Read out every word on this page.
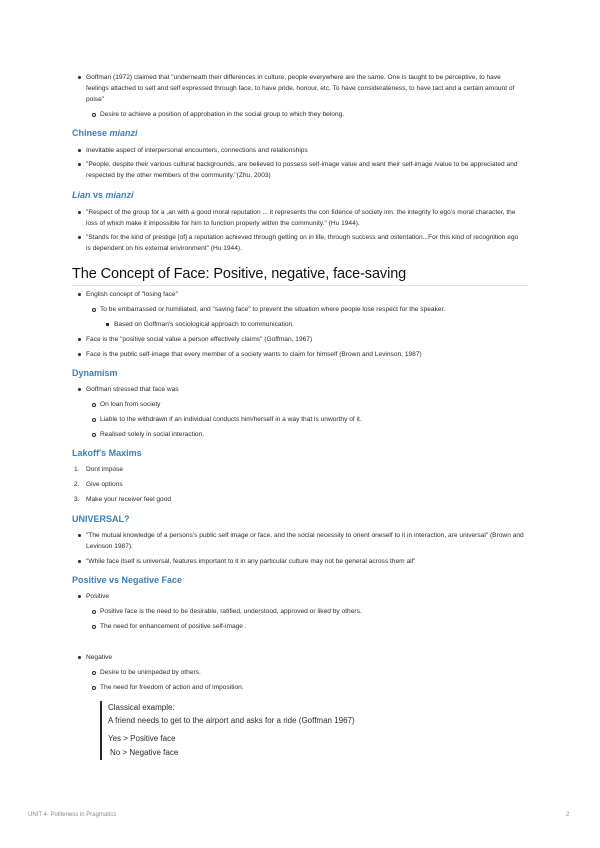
Goffman (1972) claimed that "underneath their differences in culture, people everywhere are the same. One is taught to be perceptive, to have feelings attached to self and self expressed through face, to have pride, honour, etc. To have considerateness, to have tact and a certain amount of poise"
Desire to achieve a position of approbation in the social group to which they belong.
Chinese mianzi
Inevitable aspect of interpersonal encounters, connections and relationships
"People, despite their various cultural backgrounds, are believed to possess self-image value and want their self-image /value to be appreciated and respected by the other members of the community."(Zhu, 2003)
Lian vs mianzi
"Respect of the group for a ,an with a good moral reputation ... it represents the con fidence of society inn. the integrity fo ego's moral character, the loss of which make it impossible for him to function properly within the community." (Hu 1944).
"Stands for the kind of prestige [of] a reputation achieved through getting on in life, through success and ostentation...For this kind of recognition ego is dependent on his external environment" (Hu 1944).
The Concept of Face: Positive, negative, face-saving
English concept of "losing face"
To be embarrassed or humiliated, and "saving face" to prevent the situation where people lose respect for the speaker.
Based on Goffman's sociological approach to communication.
Face is the "positive social value a person effectively claims" (Goffman, 1967)
Face is the public self-image that every member of a society wants to claim for himself (Brown and Levinson, 1987)
Dynamism
Goffman stressed that face was
On loan from society
Liable to the withdrawn if an individual conducts him/herself in a way that is unworthy of it.
Realised solely in social interaction.
Lakoff's Maxims
1. Dont impose
2. Give options
3. Make your receiver feel good
UNIVERSAL?
"The mutual knowledge of a persons's public self image or face, and the social necessity to orient oneself to it in interaction, are universal" (Brown and Levinson 1987).
"While face itself is universal, features important to it in any particular culture may not be general across them all"
Positive vs Negative Face
Positive
Positive face is the need to be desirable, ratified, understood, approved or liked by others.
The need for enhancement of positive self-image .
Negative
Desire to be unimpeded by others.
The need for freedom of action and of imposition.
Classical example:
A friend needs to get to the airport and asks for a ride (Goffman 1967)
Yes > Positive face
No > Negative face
UNIT 4- Politeness in Pragmatics	2
